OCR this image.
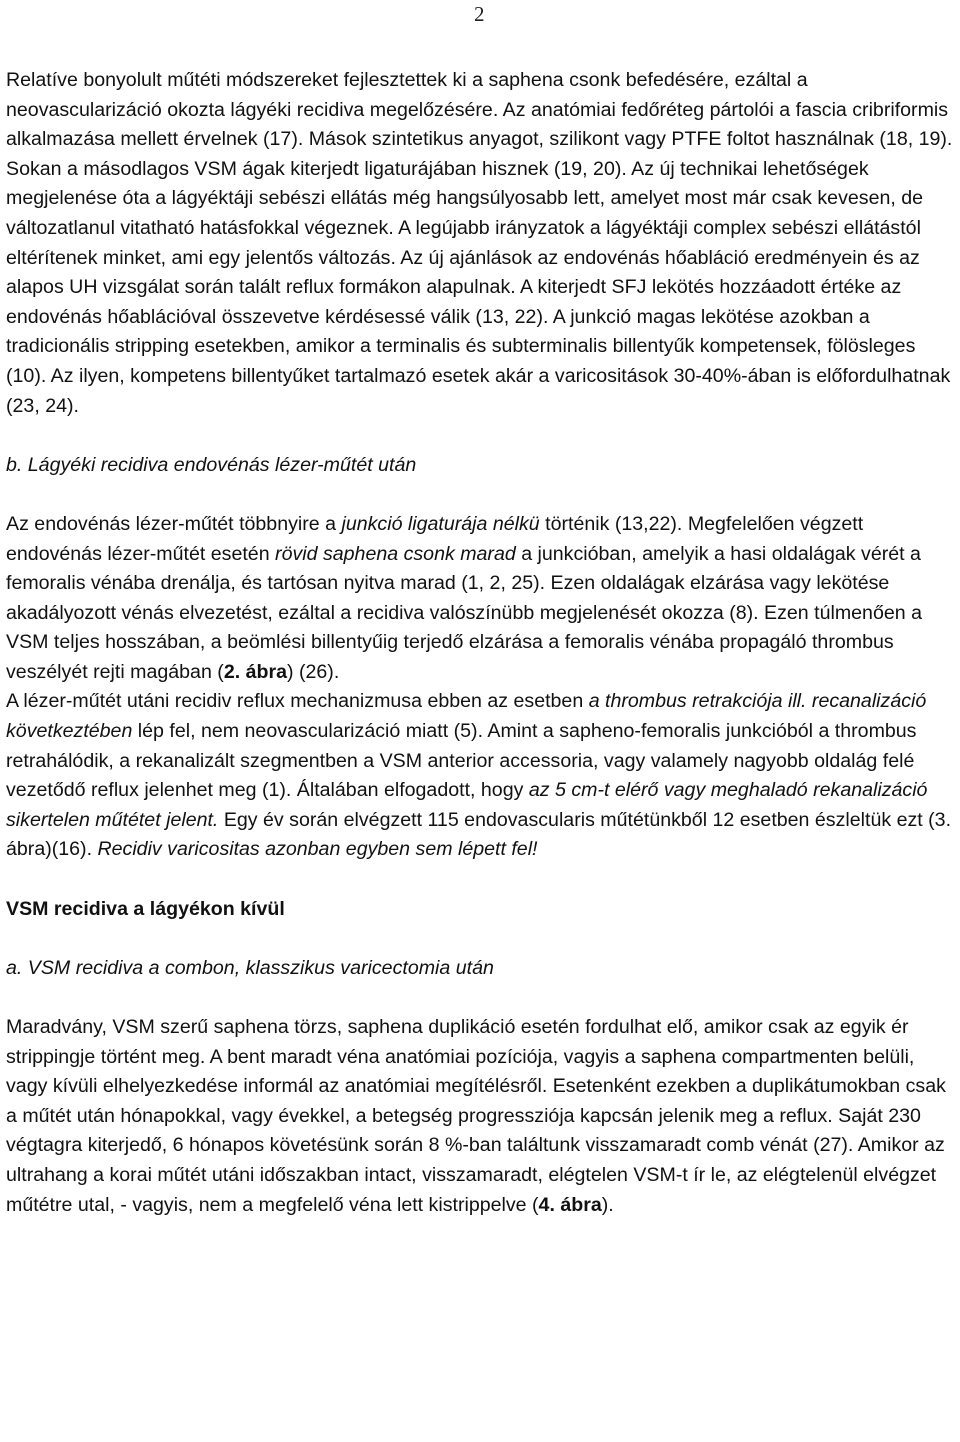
2

Relatíve bonyolult műtéti módszereket fejlesztettek ki a saphena csonk befedésére, ezáltal a neovascularizáció okozta lágyéki recidiva megelőzésére. Az anatómiai fedőréteg pártolói a fascia cribriformis alkalmazása mellett érvelnek (17). Mások szintetikus anyagot, szilikont vagy PTFE foltot használnak (18, 19). Sokan a másodlagos VSM ágak kiterjedt ligaturájában hisznek (19, 20). Az új technikai lehetőségek megjelenése óta a lágyéktáji sebészi ellátás még hangsúlyosabb lett, amelyet most már csak kevesen, de változatlanul vitatható hatásfokkal végeznek. A legújabb irányzatok a lágyéktáji complex sebészi ellátástól eltérítenek minket, ami egy jelentős változás. Az új ajánlások az endovénás hőabláció eredményein és az alapos UH vizsgálat során talált reflux formákon alapulnak. A kiterjedt SFJ lekötés hozzáadott értéke az endovénás hőablációval összevetve kérdésessé válik (13, 22). A junkció magas lekötése azokban a tradicionális stripping esetekben, amikor a terminalis és subterminalis billentyűk kompetensek, fölösleges (10). Az ilyen, kompetens billentyűket tartalmazó esetek akár a varicositások 30-40%-ában is előfordulhatnak (23, 24).

b. Lágyéki recidiva endovénás lézer-műtét után

Az endovénás lézer-műtét többnyire a junkció ligaturája nélkü történik (13,22). Megfelelően végzett endovénás lézer-műtét esetén rövid saphena csonk marad a junkcióban, amelyik a hasi oldalágak vérét a femoralis vénába drenálja, és tartósan nyitva marad (1, 2, 25). Ezen oldalágak elzárása vagy lekötése akadályozott vénás elvezetést, ezáltal a recidiva valószínübb megjelenését okozza (8). Ezen túlmenően a VSM teljes hosszában, a beömlési billentyűig terjedő elzárása a femoralis vénába propagáló thrombus veszélyét rejti magában (2. ábra) (26).

A lézer-műtét utáni recidiv reflux mechanizmusa ebben az esetben a thrombus retrakciója ill. recanalizáció következtében lép fel, nem neovascularizáció miatt (5). Amint a sapheno-femoralis junkcióból a thrombus retrahálódik, a rekanalizált szegmentben a VSM anterior accessoria, vagy valamely nagyobb oldalág felé vezetődő reflux jelenhet meg (1). Általában elfogadott, hogy az 5 cm-t elérő vagy meghaladó rekanalizáció sikertelen műtétet jelent. Egy év során elvégzett 115 endovascularis műtétünkből 12 esetben észleltük ezt (3. ábra)(16). Recidiv varicositas azonban egyben sem lépett fel!

VSM recidiva a lágyékon kívül

a. VSM recidiva a combon, klasszikus varicectomia után

Maradvány, VSM szerű saphena törzs, saphena duplikáció esetén fordulhat elő, amikor csak az egyik ér strippingje történt meg. A bent maradt véna anatómiai pozíciója, vagyis a saphena compartmenten belüli, vagy kívüli elhelyezkedése informál az anatómiai megítélésről. Esetenként ezekben a duplikátumokban csak a műtét után hónapokkal, vagy évekkel, a betegség progressziója kapcsán jelenik meg a reflux. Saját 230 végtagra kiterjedő, 6 hónapos követésünk során 8 %-ban találtunk visszamaradt comb vénát (27). Amikor az ultrahang a korai műtét utáni időszakban intact, visszamaradt, elégtelen VSM-t ír le, az elégtelenül elvégzet műtétre utal, - vagyis, nem a megfelelő véna lett kistrippelve (4. ábra).
